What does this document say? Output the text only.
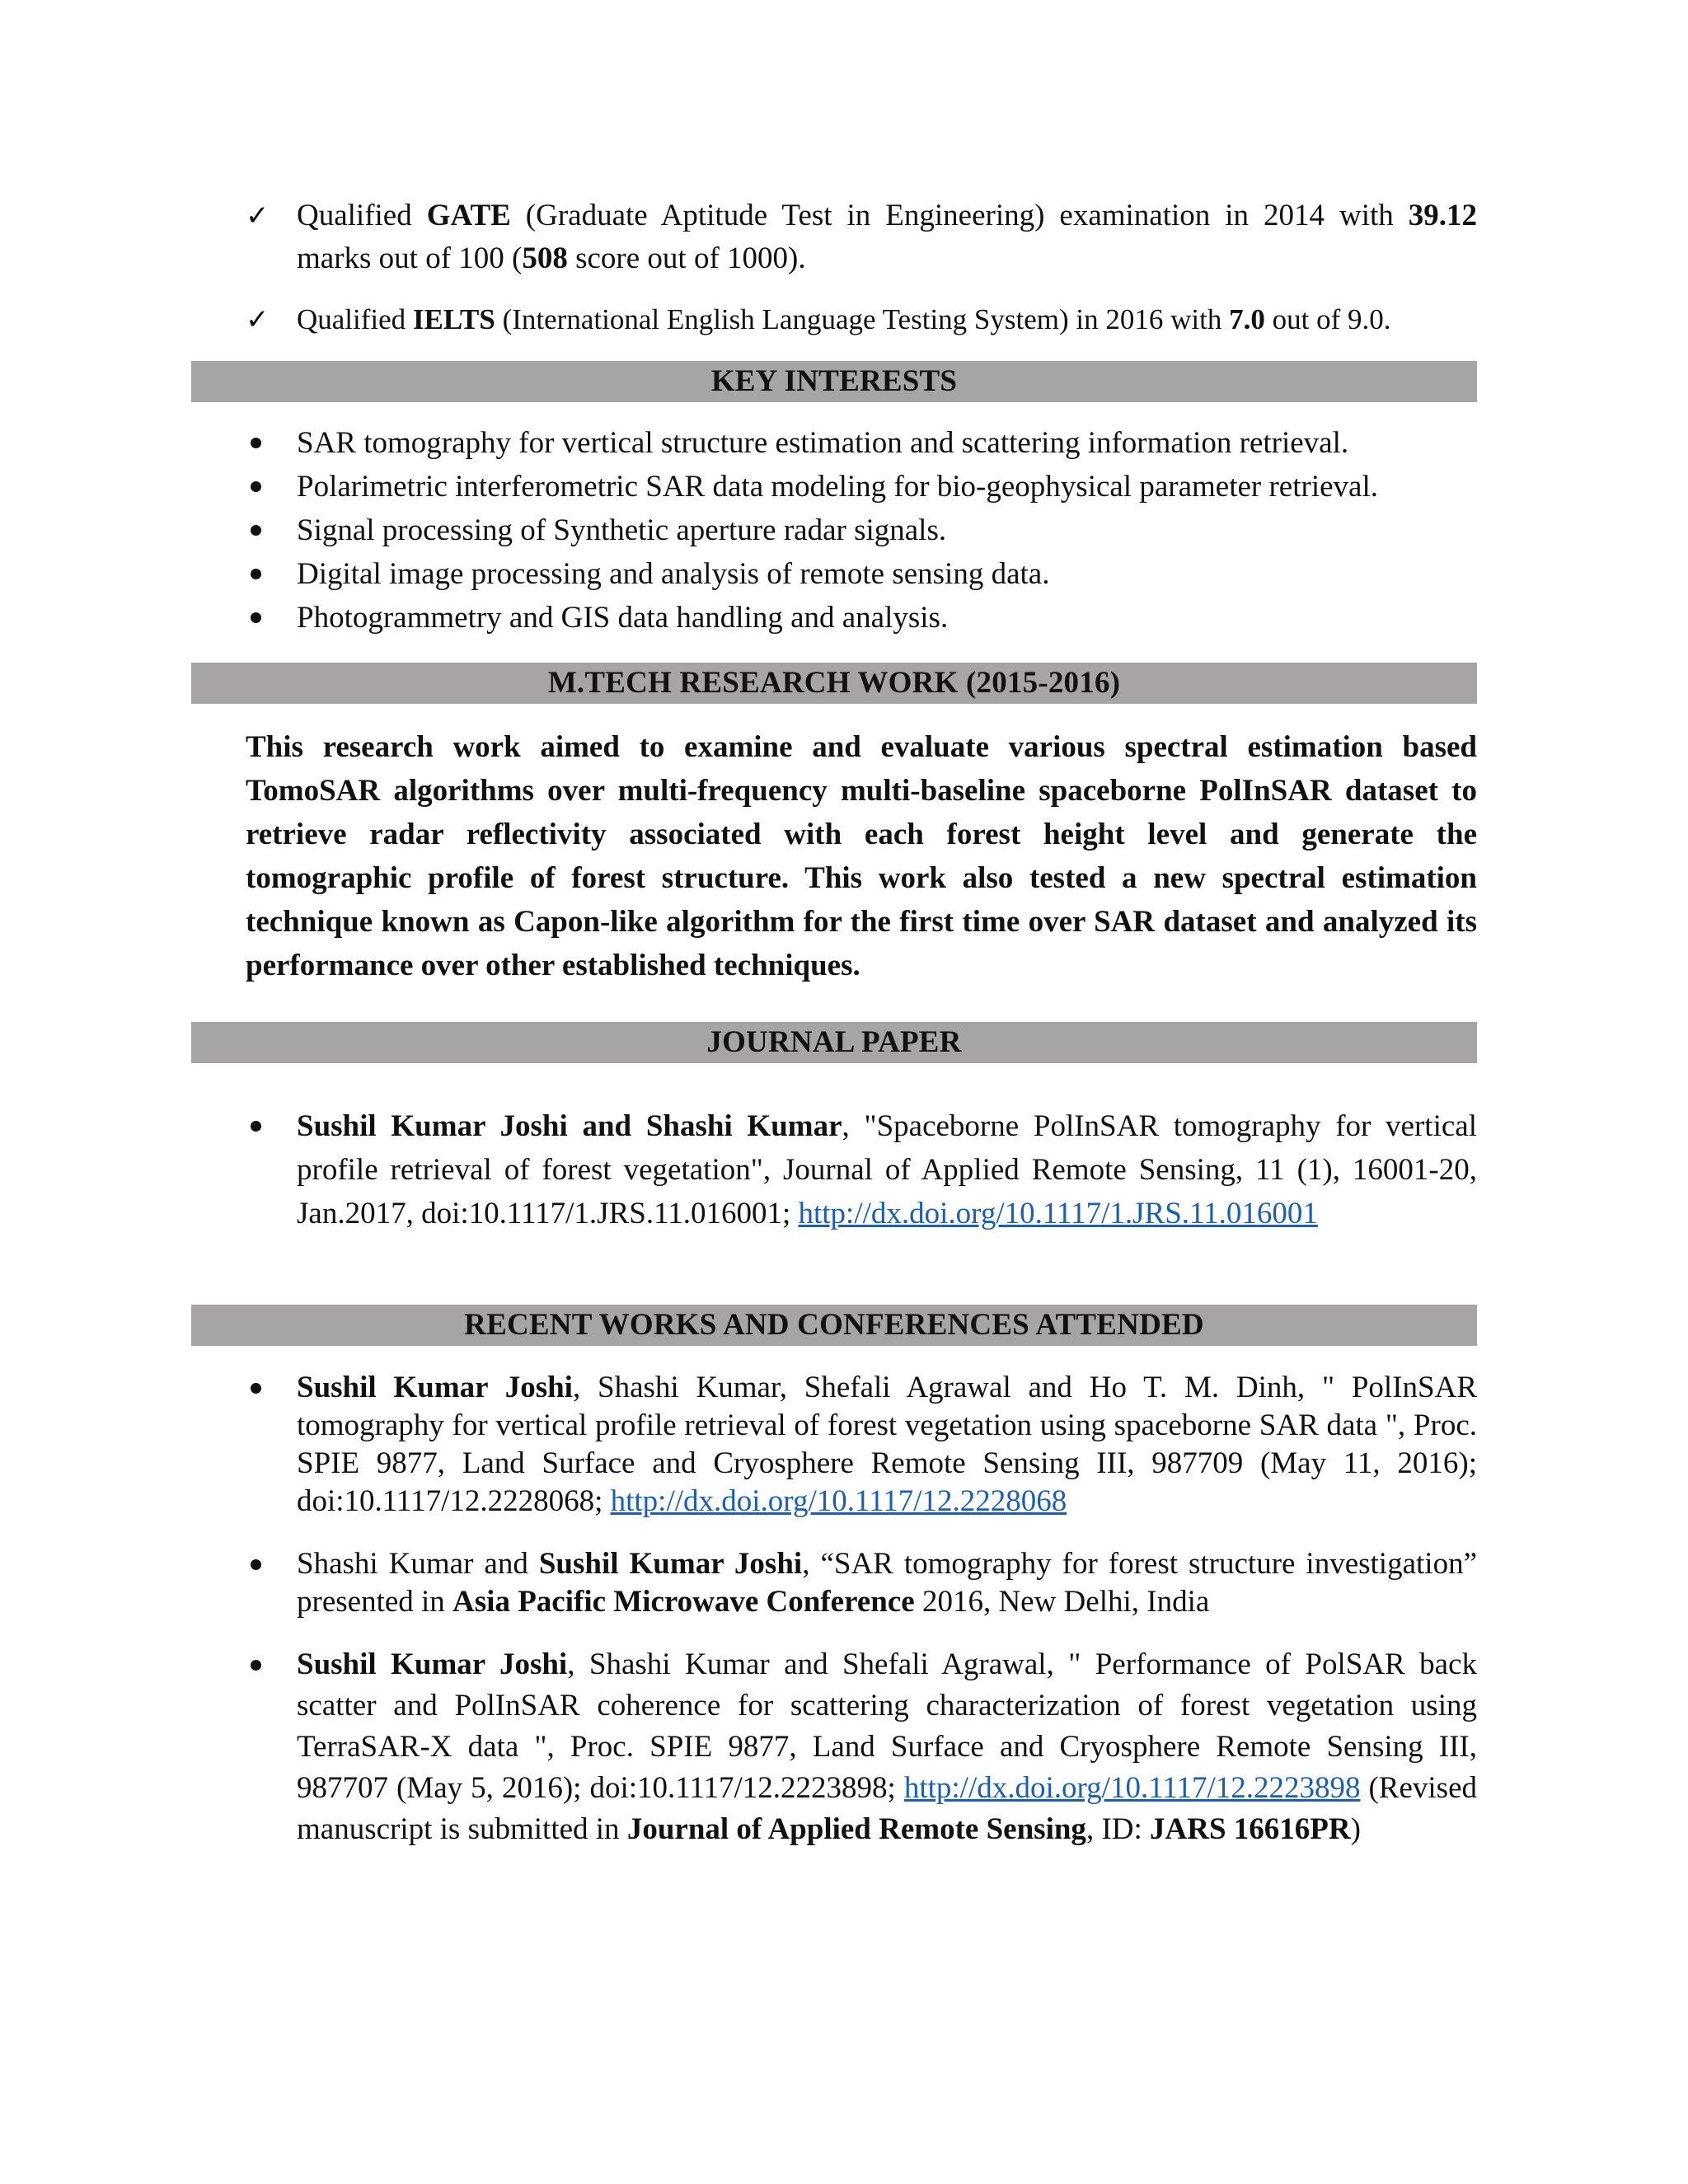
✓ Qualified GATE (Graduate Aptitude Test in Engineering) examination in 2014 with 39.12 marks out of 100 (508 score out of 1000).
✓ Qualified IELTS (International English Language Testing System) in 2016 with 7.0 out of 9.0.
KEY INTERESTS
SAR tomography for vertical structure estimation and scattering information retrieval.
Polarimetric interferometric SAR data modeling for bio-geophysical parameter retrieval.
Signal processing of Synthetic aperture radar signals.
Digital image processing and analysis of remote sensing data.
Photogrammetry and GIS data handling and analysis.
M.TECH RESEARCH WORK (2015-2016)

This research work aimed to examine and evaluate various spectral estimation based TomoSAR algorithms over multi-frequency multi-baseline spaceborne PolInSAR dataset to retrieve radar reflectivity associated with each forest height level and generate the tomographic profile of forest structure. This work also tested a new spectral estimation technique known as Capon-like algorithm for the first time over SAR dataset and analyzed its performance over other established techniques.

JOURNAL PAPER
Sushil Kumar Joshi and Shashi Kumar, "Spaceborne PolInSAR tomography for vertical profile retrieval of forest vegetation", Journal of Applied Remote Sensing, 11 (1), 16001-20, Jan.2017, doi:10.1117/1.JRS.11.016001; http://dx.doi.org/10.1117/1.JRS.11.016001
RECENT WORKS AND CONFERENCES ATTENDED
Sushil Kumar Joshi, Shashi Kumar, Shefali Agrawal and Ho T. M. Dinh, " PolInSAR tomography for vertical profile retrieval of forest vegetation using spaceborne SAR data ", Proc. SPIE 9877, Land Surface and Cryosphere Remote Sensing III, 987709 (May 11, 2016); doi:10.1117/12.2228068; http://dx.doi.org/10.1117/12.2228068
Shashi Kumar and Sushil Kumar Joshi, “SAR tomography for forest structure investigation” presented in Asia Pacific Microwave Conference 2016, New Delhi, India
Sushil Kumar Joshi, Shashi Kumar and Shefali Agrawal, " Performance of PolSAR back scatter and PolInSAR coherence for scattering characterization of forest vegetation using TerraSAR-X data ", Proc. SPIE 9877, Land Surface and Cryosphere Remote Sensing III, 987707 (May 5, 2016); doi:10.1117/12.2223898; http://dx.doi.org/10.1117/12.2223898 (Revised manuscript is submitted in Journal of Applied Remote Sensing, ID: JARS 16616PR)
